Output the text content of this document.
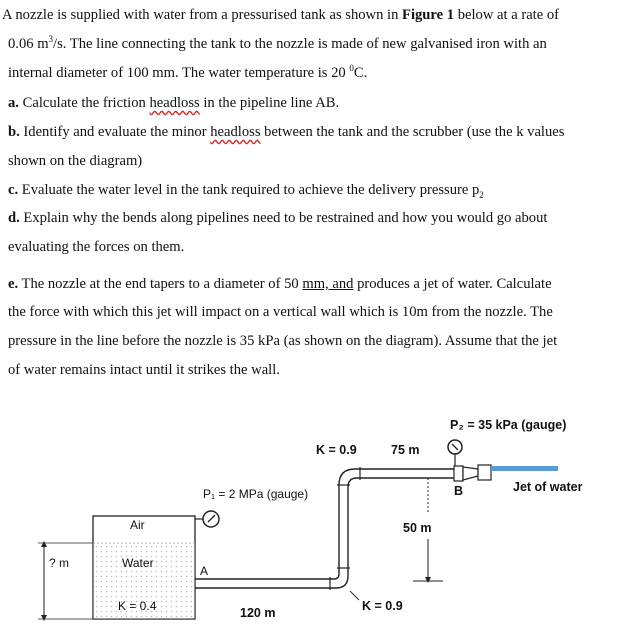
A nozzle is supplied with water from a pressurised tank as shown in Figure 1 below at a rate of
0.06 $m^3/s$. The line connecting the tank to the nozzle is made of new galvanised iron with an
internal diameter of 100 mm. The water temperature is 20 $^0$C.
a. Calculate the friction headloss in the pipeline line AB.
b. Identify and evaluate the minor headloss between the tank and the scrubber (use the k values
shown on the diagram)
c. Evaluate the water level in the tank required to achieve the delivery pressure $p_2$
d. Explain why the bends along pipelines need to be restrained and how you would go about
evaluating the forces on them.
e. The nozzle at the end tapers to a diameter of 50 mm, and produces a jet of water. Calculate
the force with which this jet will impact on a vertical wall which is 10m from the nozzle. The
pressure in the line before the nozzle is 35 kPa (as shown on the diagram). Assume that the jet
of water remains intact until it strikes the wall.
Air
Water
K = 0.4
A
P₁ = 2 MPa (gauge)
? m
Jet of water
P₂ = 35 kPa (gauge)
B
K = 0.9	75 m
50 m
K = 0.9
120 m
